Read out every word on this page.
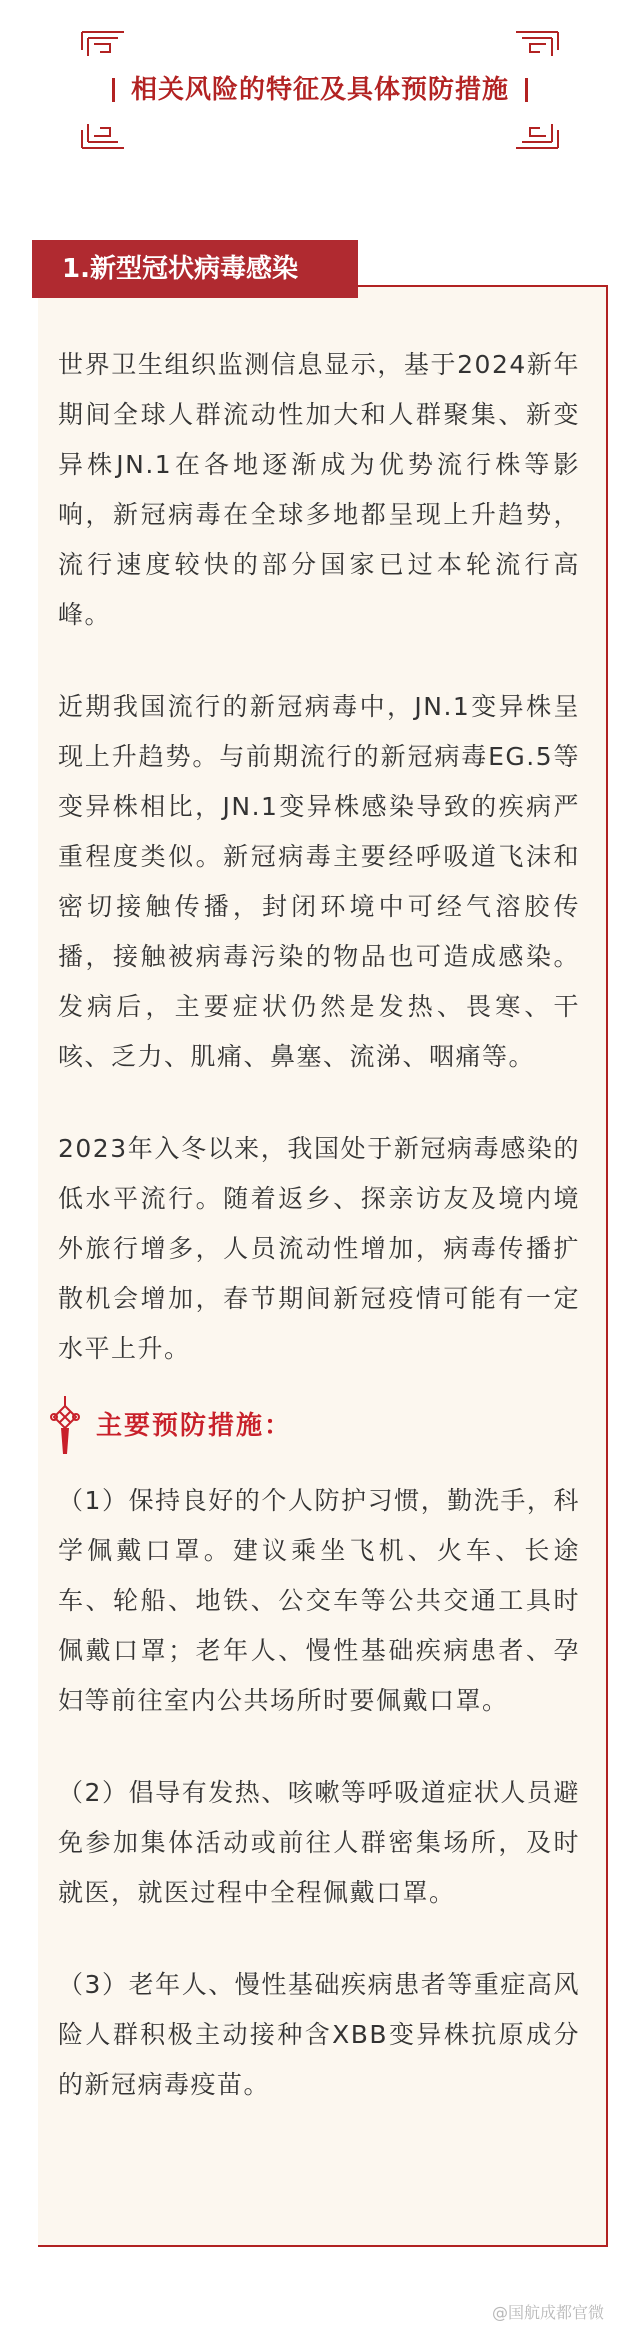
相关风险的特征及具体预防措施
1.新型冠状病毒感染

世界卫生组织监测信息显示，基于2024新年期间全球人群流动性加大和人群聚集、新变异株JN.1在各地逐渐成为优势流行株等影响，新冠病毒在全球多地都呈现上升趋势，流行速度较快的部分国家已过本轮流行高峰。

近期我国流行的新冠病毒中，JN.1变异株呈现上升趋势。与前期流行的新冠病毒EG.5等变异株相比，JN.1变异株感染导致的疾病严重程度类似。新冠病毒主要经呼吸道飞沫和密切接触传播，封闭环境中可经气溶胶传播，接触被病毒污染的物品也可造成感染。发病后，主要症状仍然是发热、畏寒、干咳、乏力、肌痛、鼻塞、流涕、咽痛等。

2023年入冬以来，我国处于新冠病毒感染的低水平流行。随着返乡、探亲访友及境内境外旅行增多，人员流动性增加，病毒传播扩散机会增加，春节期间新冠疫情可能有一定水平上升。

主要预防措施：

（1）保持良好的个人防护习惯，勤洗手，科学佩戴口罩。建议乘坐飞机、火车、长途车、轮船、地铁、公交车等公共交通工具时佩戴口罩；老年人、慢性基础疾病患者、孕妇等前往室内公共场所时要佩戴口罩。

（2）倡导有发热、咳嗽等呼吸道症状人员避免参加集体活动或前往人群密集场所，及时就医，就医过程中全程佩戴口罩。

（3）老年人、慢性基础疾病患者等重症高风险人群积极主动接种含XBB变异株抗原成分的新冠病毒疫苗。

@国航成都官微
